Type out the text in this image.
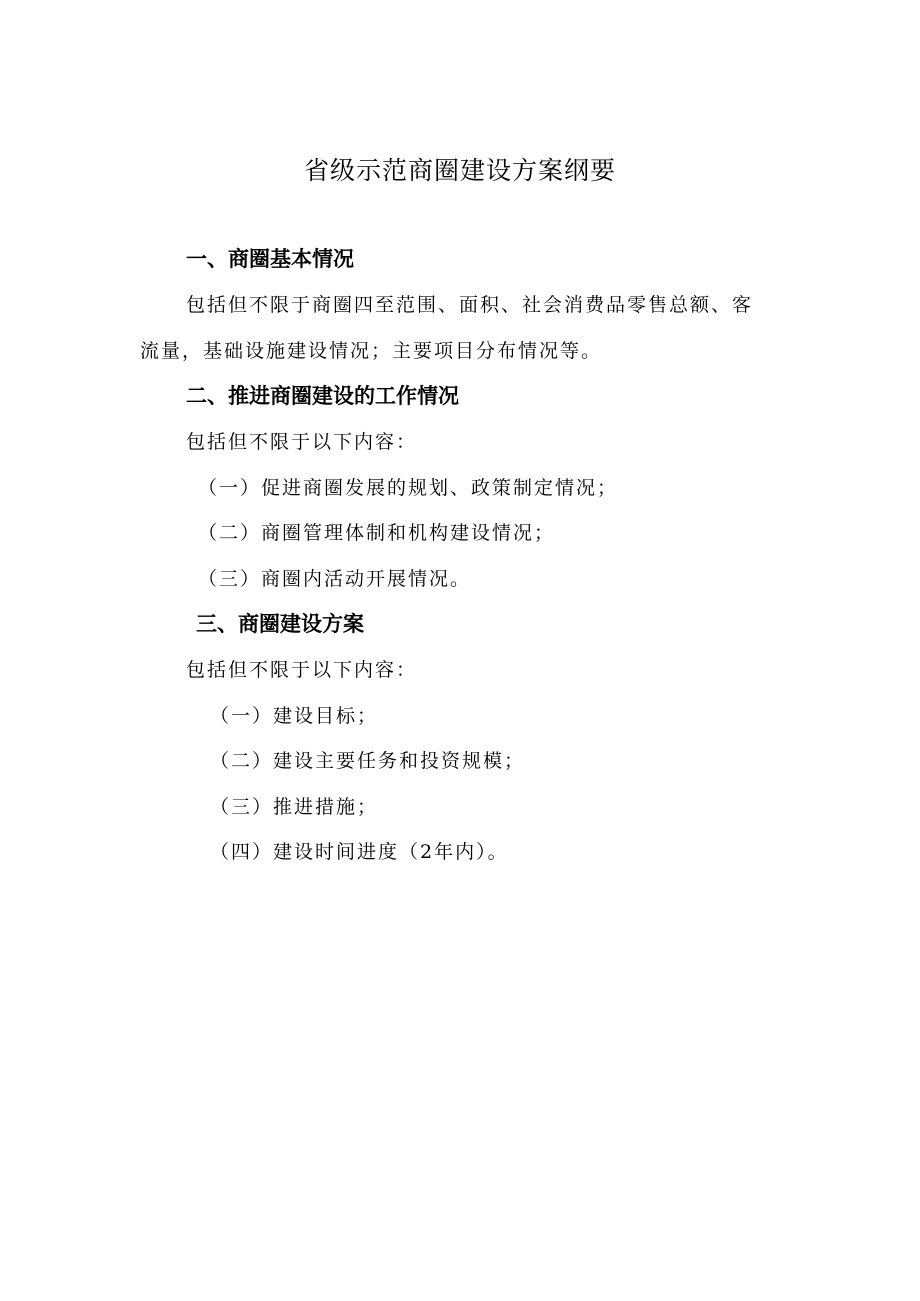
省级示范商圈建设方案纲要
一、商圈基本情况
包括但不限于商圈四至范围、面积、社会消费品零售总额、客
流量，基础设施建设情况；主要项目分布情况等。
二、推进商圈建设的工作情况
包括但不限于以下内容：
（一）促进商圈发展的规划、政策制定情况；
（二）商圈管理体制和机构建设情况；
（三）商圈内活动开展情况。
三、商圈建设方案
包括但不限于以下内容：
（一）建设目标；
（二）建设主要任务和投资规模；
（三）推进措施；
（四）建设时间进度（2年内）。
